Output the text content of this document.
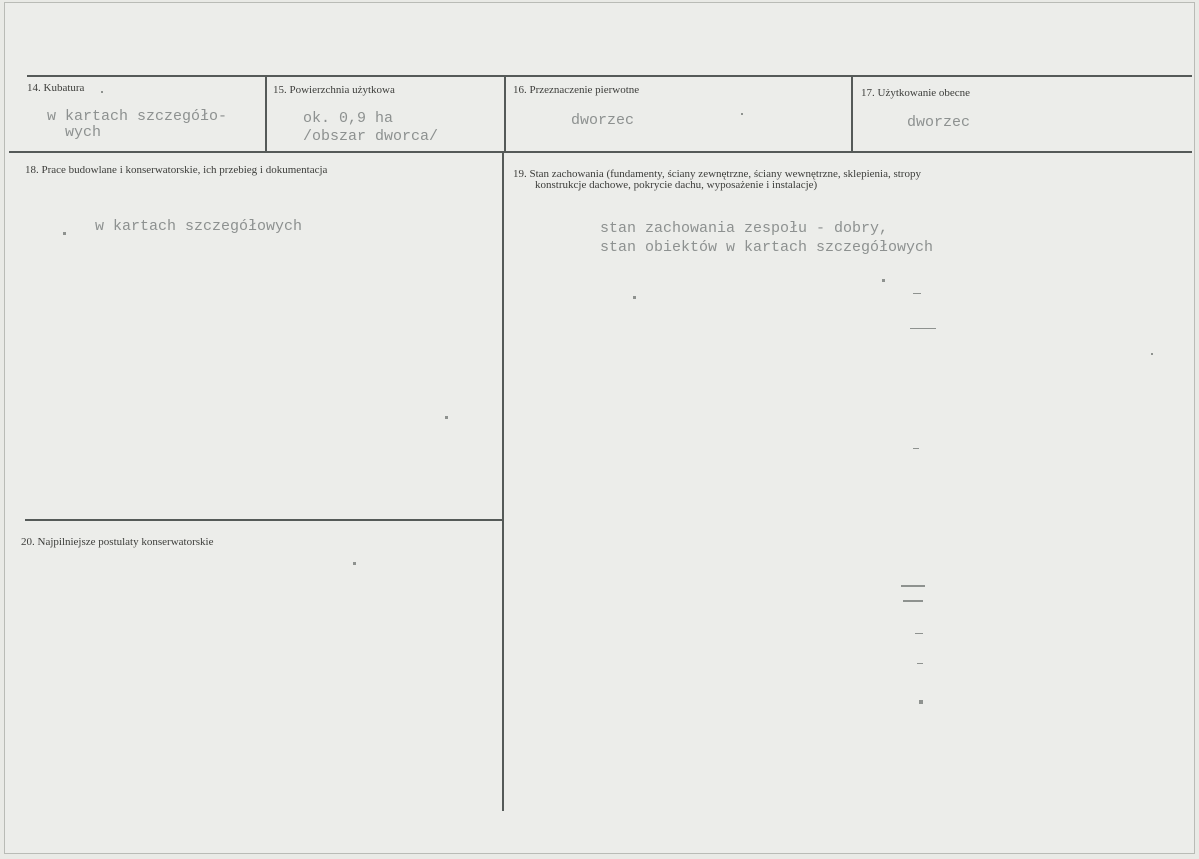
14. Kubatura
w kartach szczegóło-
wych
15. Powierzchnia użytkowa
ok. 0,9 ha
/obszar dworca/
16. Przeznaczenie pierwotne
dworzec
17. Użytkowanie obecne
dworzec
18. Prace budowlane i konserwatorskie, ich przebieg i dokumentacja
w kartach szczegółowych
19. Stan zachowania (fundamenty, ściany zewnętrzne, ściany wewnętrzne, sklepienia, stropy
konstrukcje dachowe, pokrycie dachu, wyposażenie i instalacje)
stan zachowania zespołu - dobry,
stan obiektów w kartach szczegółowych
20. Najpilniejsze postulaty konserwatorskie
